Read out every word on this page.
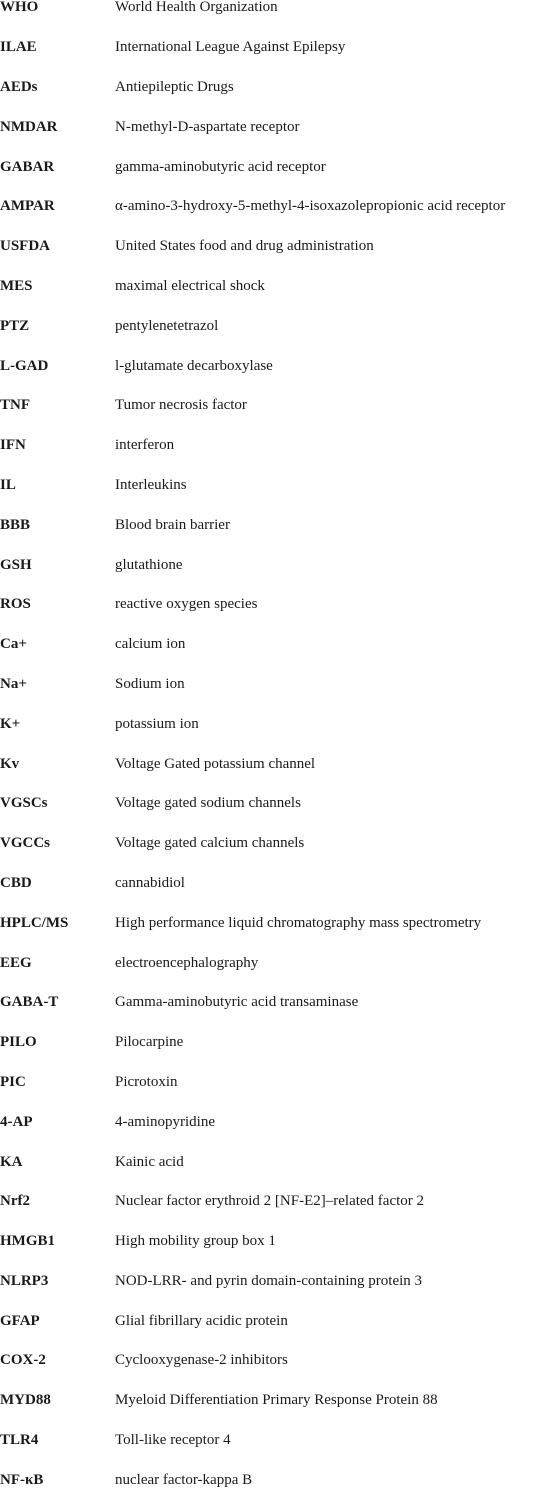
WHO	World Health Organization
ILAE	International League Against Epilepsy
AEDs	Antiepileptic Drugs
NMDAR	N-methyl-D-aspartate receptor
GABAR	gamma-aminobutyric acid receptor
AMPAR	α-amino-3-hydroxy-5-methyl-4-isoxazolepropionic acid receptor
USFDA	United States food and drug administration
MES	maximal electrical shock
PTZ	pentylenetetrazol
L-GAD	l-glutamate decarboxylase
TNF	Tumor necrosis factor
IFN	interferon
IL	Interleukins
BBB	Blood brain barrier
GSH	glutathione
ROS	reactive oxygen species
Ca+	calcium ion
Na+	Sodium ion
K+	potassium ion
Kv	Voltage Gated potassium channel
VGSCs	Voltage gated sodium channels
VGCCs	Voltage gated calcium channels
CBD	cannabidiol
HPLC/MS	High performance liquid chromatography mass spectrometry
EEG	electroencephalography
GABA-T	Gamma-aminobutyric acid transaminase
PILO	Pilocarpine
PIC	Picrotoxin
4-AP	4-aminopyridine
KA	Kainic acid
Nrf2	Nuclear factor erythroid 2 [NF-E2]–related factor 2
HMGB1	High mobility group box 1
NLRP3	NOD-LRR- and pyrin domain-containing protein 3
GFAP	Glial fibrillary acidic protein
COX-2	Cyclooxygenase-2 inhibitors
MYD88	Myeloid Differentiation Primary Response Protein 88
TLR4	Toll-like receptor 4
NF-κB	nuclear factor-kappa B
